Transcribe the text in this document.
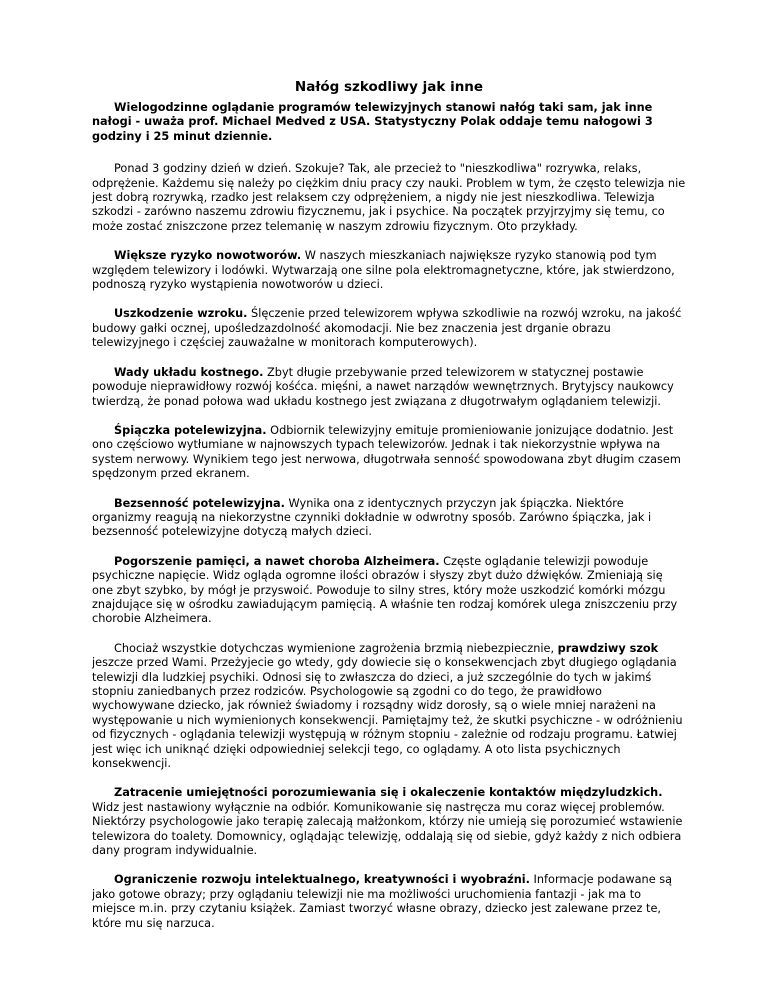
Nałóg szkodliwy jak inne

Wielogodzinne oglądanie programów telewizyjnych stanowi nałóg taki sam, jak inne nałogi - uważa prof. Michael Medved z USA. Statystyczny Polak oddaje temu nałogowi 3 godziny i 25 minut dziennie.

Ponad 3 godziny dzień w dzień. Szokuje? Tak, ale przecież to "nieszkodliwa" rozrywka, relaks, odprężenie. Każdemu się należy po ciężkim dniu pracy czy nauki. Problem w tym, że często telewizja nie jest dobrą rozrywką, rzadko jest relaksem czy odprężeniem, a nigdy nie jest nieszkodliwa. Telewizja szkodzi - zarówno naszemu zdrowiu fizycznemu, jak i psychice. Na początek przyjrzyjmy się temu, co może zostać zniszczone przez telemanię w naszym zdrowiu fizycznym. Oto przykłady.

Większe ryzyko nowotworów. W naszych mieszkaniach największe ryzyko stanowią pod tym względem telewizory i lodówki. Wytwarzają one silne pola elektromagnetyczne, które, jak stwierdzono, podnoszą ryzyko wystąpienia nowotworów u dzieci.

Uszkodzenie wzroku. Ślęczenie przed telewizorem wpływa szkodliwie na rozwój wzroku, na jakość budowy gałki ocznej, upośledzazdolność akomodacji. Nie bez znaczenia jest drganie obrazu telewizyjnego i częściej zauważalne w monitorach komputerowych).

Wady układu kostnego. Zbyt długie przebywanie przed telewizorem w statycznej postawie powoduje nieprawidłowy rozwój kośćca. mięśni, a nawet narządów wewnętrznych. Brytyjscy naukowcy twierdzą, że ponad połowa wad układu kostnego jest związana z długotrwałym oglądaniem telewizji.

Śpiączka potelewizyjna. Odbiornik telewizyjny emituje promieniowanie jonizujące dodatnio. Jest ono częściowo wytłumiane w najnowszych typach telewizorów. Jednak i tak niekorzystnie wpływa na system nerwowy. Wynikiem tego jest nerwowa, długotrwała senność spowodowana zbyt długim czasem spędzonym przed ekranem.

Bezsenność potelewizyjna. Wynika ona z identycznych przyczyn jak śpiączka. Niektóre organizmy reagują na niekorzystne czynniki dokładnie w odwrotny sposób. Zarówno śpiączka, jak i bezsenność potelewizyjne dotyczą małych dzieci.

Pogorszenie pamięci, a nawet choroba Alzheimera. Częste oglądanie telewizji powoduje psychiczne napięcie. Widz ogląda ogromne ilości obrazów i słyszy zbyt dużo dźwięków. Zmieniają się one zbyt szybko, by mógł je przyswoić. Powoduje to silny stres, który może uszkodzić komórki mózgu znajdujące się w ośrodku zawiadującym pamięcią. A właśnie ten rodzaj komórek ulega zniszczeniu przy chorobie Alzheimera.

Chociaż wszystkie dotychczas wymienione zagrożenia brzmią niebezpiecznie, prawdziwy szok jeszcze przed Wami. Przeżyjecie go wtedy, gdy dowiecie się o konsekwencjach zbyt długiego oglądania telewizji dla ludzkiej psychiki. Odnosi się to zwłaszcza do dzieci, a już szczególnie do tych w jakimś stopniu zaniedbanych przez rodziców. Psychologowie są zgodni co do tego, że prawidłowo wychowywane dziecko, jak również świadomy i rozsądny widz dorosły, są o wiele mniej narażeni na występowanie u nich wymienionych konsekwencji. Pamiętajmy też, że skutki psychiczne - w odróżnieniu od fizycznych - oglądania telewizji występują w różnym stopniu - zależnie od rodzaju programu. Łatwiej jest więc ich uniknąć dzięki odpowiedniej selekcji tego, co oglądamy. A oto lista psychicznych konsekwencji.

Zatracenie umiejętności porozumiewania się i okaleczenie kontaktów międzyludzkich. Widz jest nastawiony wyłącznie na odbiór. Komunikowanie się nastręcza mu coraz więcej problemów. Niektórzy psychologowie jako terapię zalecają małżonkom, którzy nie umieją się porozumieć wstawienie telewizora do toalety. Domownicy, oglądając telewizję, oddalają się od siebie, gdyż każdy z nich odbiera dany program indywidualnie.

Ograniczenie rozwoju intelektualnego, kreatywności i wyobraźni. Informacje podawane są jako gotowe obrazy; przy oglądaniu telewizji nie ma możliwości uruchomienia fantazji - jak ma to miejsce m.in. przy czytaniu książek. Zamiast tworzyć własne obrazy, dziecko jest zalewane przez te, które mu się narzuca.
